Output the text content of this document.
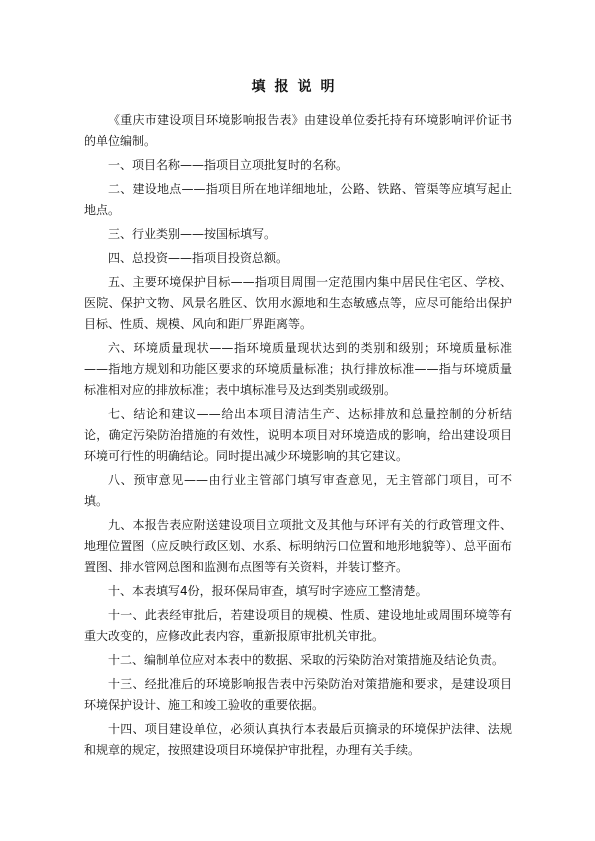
填报说明

《重庆市建设项目环境影响报告表》由建设单位委托持有环境影响评价证书的单位编制。

一、项目名称——指项目立项批复时的名称。

二、建设地点——指项目所在地详细地址，公路、铁路、管渠等应填写起止地点。

三、行业类别——按国标填写。

四、总投资——指项目投资总额。

五、主要环境保护目标——指项目周围一定范围内集中居民住宅区、学校、医院、保护文物、风景名胜区、饮用水源地和生态敏感点等，应尽可能给出保护目标、性质、规模、风向和距厂界距离等。

六、环境质量现状——指环境质量现状达到的类别和级别；环境质量标准——指地方规划和功能区要求的环境质量标准；执行排放标准——指与环境质量标准相对应的排放标准；表中填标准号及达到类别或级别。

七、结论和建议——给出本项目清洁生产、达标排放和总量控制的分析结论，确定污染防治措施的有效性，说明本项目对环境造成的影响，给出建设项目环境可行性的明确结论。同时提出减少环境影响的其它建议。

八、预审意见——由行业主管部门填写审查意见，无主管部门项目，可不填。

九、本报告表应附送建设项目立项批文及其他与环评有关的行政管理文件、地理位置图（应反映行政区划、水系、标明纳污口位置和地形地貌等）、总平面布置图、排水管网总图和监测布点图等有关资料，并装订整齐。

十、本表填写4份，报环保局审查，填写时字迹应工整清楚。

十一、此表经审批后，若建设项目的规模、性质、建设地址或周围环境等有重大改变的，应修改此表内容，重新报原审批机关审批。

十二、编制单位应对本表中的数据、采取的污染防治对策措施及结论负责。

十三、经批准后的环境影响报告表中污染防治对策措施和要求，是建设项目环境保护设计、施工和竣工验收的重要依据。

十四、项目建设单位，必须认真执行本表最后页摘录的环境保护法律、法规和规章的规定，按照建设项目环境保护审批程，办理有关手续。
